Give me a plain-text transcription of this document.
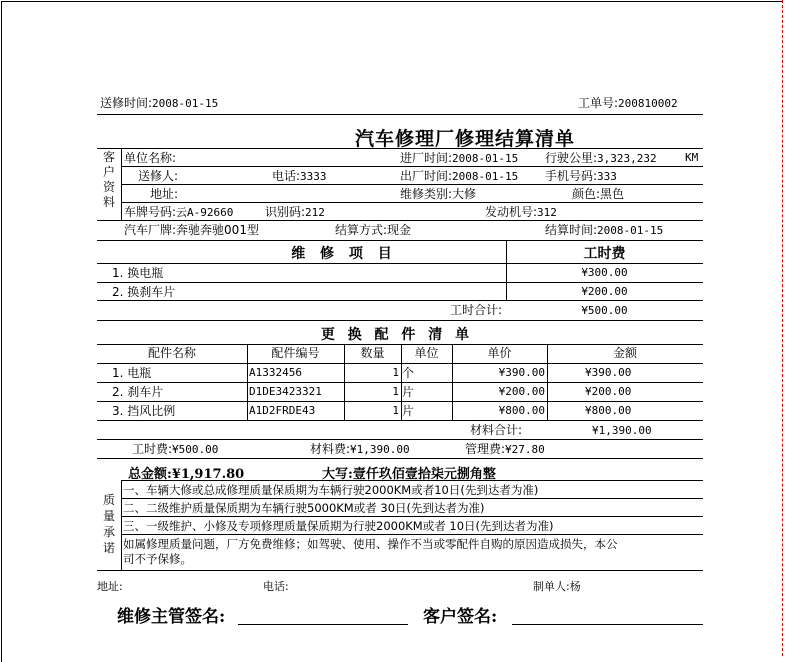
送修时间:2008-01-15	工单号:200810002
汽车修理厂修理结算清单
客
户
资
料
单位名称:	进厂时间:2008-01-15 行驶公里:3,323,232	KM
送修人:	电话:3333	出厂时间:2008-01-15 手机号码:333
地址:	维修类别:大修	颜色:黑色
车牌号码:云A-92660	识别码:212	发动机号:312
汽车厂牌:奔驰奔驰001型	结算方式:现金	结算时间:2008-01-15
维 修 项 目	工时费
1. 换电瓶	¥300.00
2. 换刹车片	¥200.00
工时合计:	¥500.00
更 换 配 件 清 单
配件名称	配件编号	数量	单位	单价	金额
1. 电瓶	A1332456	1 个	¥390.00	¥390.00
2. 刹车片	D1DE3423321	1 片	¥200.00	¥200.00
3. 挡风比例	A1D2FRDE43	1 片	¥800.00	¥800.00
材料合计:	¥1,390.00
工时费:¥500.00	材料费:¥1,390.00	管理费:¥27.80
总金额:¥1,917.80	大写:壹仟玖佰壹拾柒元捌角整
质
量
承
诺
一、车辆大修或总成修理质量保质期为车辆行驶2000KM或者10日(先到达者为准)
二、二级维护质量保质期为车辆行驶5000KM或者 30日(先到达者为准)
三、一级维护、小修及专项修理质量保质期为行驶2000KM或者 10日(先到达者为准)
如属修理质量问题，厂方免费维修；如驾驶、使用、操作不当或零配件自购的原因造成损失，本公
司不予保修。
地址:	电话:	制单人:杨
维修主管签名:	客户签名:
